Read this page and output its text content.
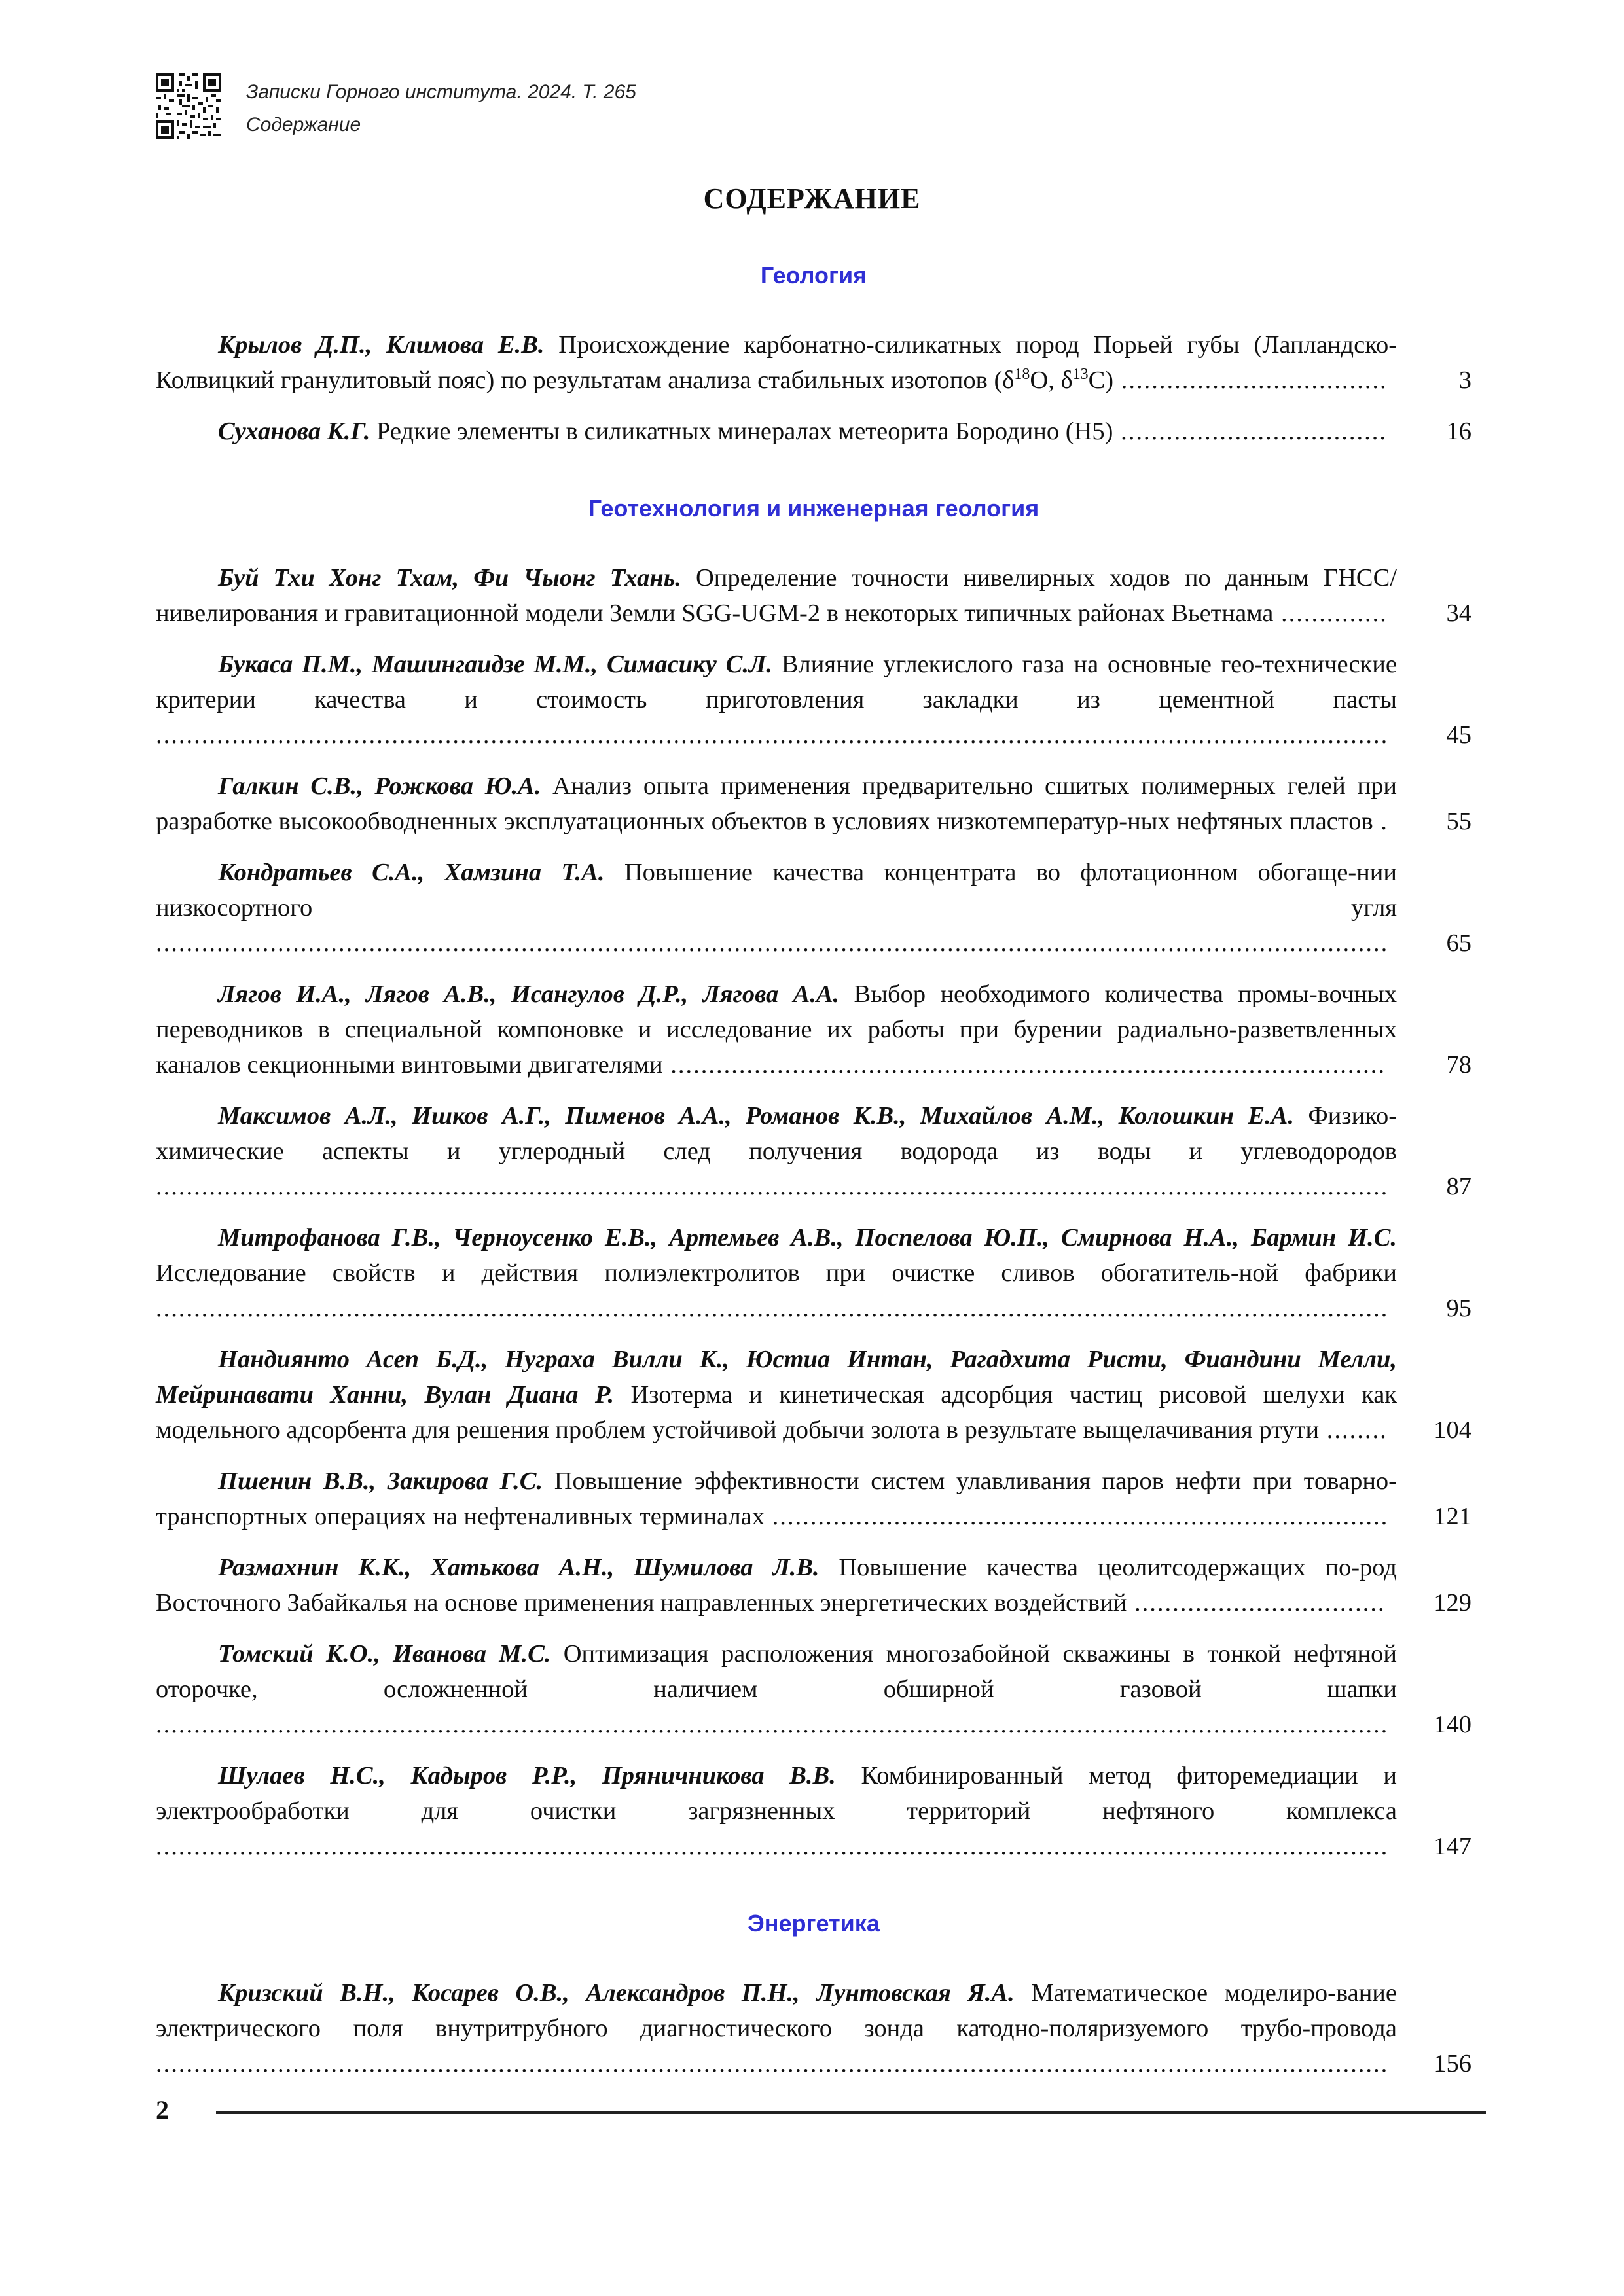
Записки Горного института. 2024. Т. 265
Содержание
СОДЕРЖАНИЕ
Геология
Крылов Д.П., Климова Е.В. Происхождение карбонатно-силикатных пород Порьей губы (Лапландско-Колвицкий гранулитовый пояс) по результатам анализа стабильных изотопов ($\delta^{18}O$, $\delta^{13}C$) ...................................	3
Суханова К.Г. Редкие элементы в силикатных минералах метеорита Бородино (H5) ...................................	16
Геотехнология и инженерная геология
Буй Тхи Хонг Тхам, Фи Чыонг Тхань. Определение точности нивелирных ходов по данным ГНСС/нивелирования и гравитационной модели Земли SGG-UGM-2 в некоторых типичных районах Вьетнама ..............	34
Букаса П.М., Машингаидзе М.М., Симасику С.Л. Влияние углекислого газа на основные гео-технические критерии качества и стоимость приготовления закладки из цементной пасты ..................................................................................................................................................................	45
Галкин С.В., Рожкова Ю.А. Анализ опыта применения предварительно сшитых полимерных гелей при разработке высокообводненных эксплуатационных объектов в условиях низкотемператур-ных нефтяных пластов .	55
Кондратьев С.А., Хамзина Т.А. Повышение качества концентрата во флотационном обогаще-нии низкосортного угля ..................................................................................................................................................................	65
Лягов И.А., Лягов А.В., Исангулов Д.Р., Лягова А.А. Выбор необходимого количества промы-вочных переводников в специальной компоновке и исследование их работы при бурении радиально-разветвленных каналов секционными винтовыми двигателями ..............................................................................................	78
Максимов А.Л., Ишков А.Г., Пименов А.А., Романов К.В., Михайлов А.М., Колошкин Е.А. Физико-химические аспекты и углеродный след получения водорода из воды и углеводородов ..................................................................................................................................................................	87
Митрофанова Г.В., Черноусенко Е.В., Артемьев А.В., Поспелова Ю.П., Смирнова Н.А., Бармин И.С. Исследование свойств и действия полиэлектролитов при очистке сливов обогатитель-ной фабрики ..................................................................................................................................................................	95
Нандиянто Асеп Б.Д., Нуграха Вилли К., Юстиа Интан, Рагадхита Ристи, Фиандини Мелли, Мейринавати Ханни, Вулан Диана Р. Изотерма и кинетическая адсорбция частиц рисовой шелухи как модельного адсорбента для решения проблем устойчивой добычи золота в результате выщелачивания ртути ........	104
Пшенин В.В., Закирова Г.С. Повышение эффективности систем улавливания паров нефти при товарно-транспортных операциях на нефтеналивных терминалах .................................................................................	121
Размахнин К.К., Хатькова А.Н., Шумилова Л.В. Повышение качества цеолитсодержащих по-род Восточного Забайкалья на основе применения направленных энергетических воздействий .................................	129
Томский К.О., Иванова М.С. Оптимизация расположения многозабойной скважины в тонкой нефтяной оторочке, осложненной наличием обширной газовой шапки ..................................................................................................................................................................	140
Шулаев Н.С., Кадыров Р.Р., Пряничникова В.В. Комбинированный метод фиторемедиации и электрообработки для очистки загрязненных территорий нефтяного комплекса ..................................................................................................................................................................	147
Энергетика
Кризский В.Н., Косарев О.В., Александров П.Н., Лунтовская Я.А. Математическое моделиро-вание электрического поля внутритрубного диагностического зонда катодно-поляризуемого трубо-провода ..................................................................................................................................................................	156
2
